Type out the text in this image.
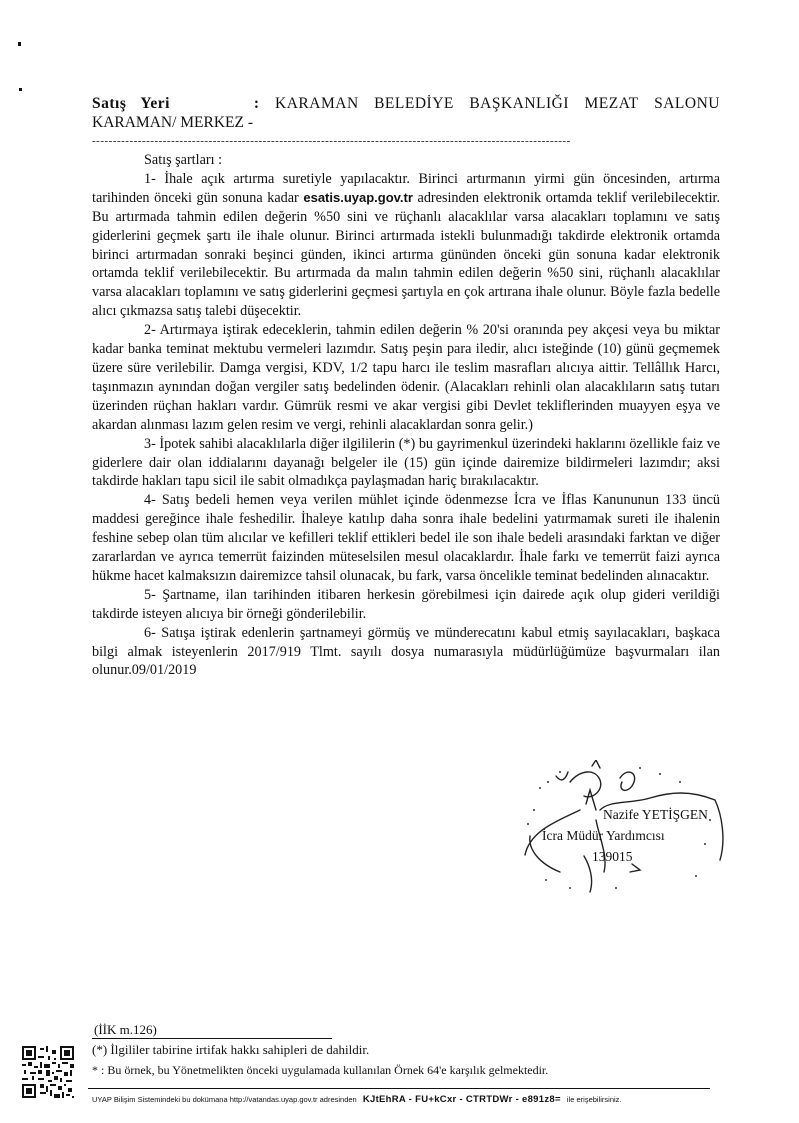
Satış Yeri	: KARAMAN BELEDİYE BAŞKANLIĞI MEZAT SALONU
KARAMAN/ MERKEZ -
-------------------------------------------------------------------------------------------------------------------

Satış şartları :

1- İhale açık artırma suretiyle yapılacaktır. Birinci artırmanın yirmi gün öncesinden, artırma tarihinden önceki gün sonuna kadar esatis.uyap.gov.tr adresinden elektronik ortamda teklif verilebilecektir. Bu artırmada tahmin edilen değerin %50 sini ve rüçhanlı alacaklılar varsa alacakları toplamını ve satış giderlerini geçmek şartı ile ihale olunur. Birinci artırmada istekli bulunmadığı takdirde elektronik ortamda birinci artırmadan sonraki beşinci günden, ikinci artırma gününden önceki gün sonuna kadar elektronik ortamda teklif verilebilecektir. Bu artırmada da malın tahmin edilen değerin %50 sini, rüçhanlı alacaklılar varsa alacakları toplamını ve satış giderlerini geçmesi şartıyla en çok artırana ihale olunur. Böyle fazla bedelle alıcı çıkmazsa satış talebi düşecektir.

2- Artırmaya iştirak edeceklerin, tahmin edilen değerin % 20'si oranında pey akçesi veya bu miktar kadar banka teminat mektubu vermeleri lazımdır. Satış peşin para iledir, alıcı isteğinde (10) günü geçmemek üzere süre verilebilir. Damga vergisi, KDV, 1/2 tapu harcı ile teslim masrafları alıcıya aittir. Tellâllık Harcı, taşınmazın aynından doğan vergiler satış bedelinden ödenir. (Alacakları rehinli olan alacaklıların satış tutarı üzerinden rüçhan hakları vardır. Gümrük resmi ve akar vergisi gibi Devlet tekliflerinden muayyen eşya ve akardan alınması lazım gelen resim ve vergi, rehinli alacaklardan sonra gelir.)

3- İpotek sahibi alacaklılarla diğer ilgililerin (*) bu gayrimenkul üzerindeki haklarını özellikle faiz ve giderlere dair olan iddialarını dayanağı belgeler ile (15) gün içinde dairemize bildirmeleri lazımdır; aksi takdirde hakları tapu sicil ile sabit olmadıkça paylaşmadan hariç bırakılacaktır.

4- Satış bedeli hemen veya verilen mühlet içinde ödenmezse İcra ve İflas Kanununun 133 üncü maddesi gereğince ihale feshedilir. İhaleye katılıp daha sonra ihale bedelini yatırmamak sureti ile ihalenin feshine sebep olan tüm alıcılar ve kefilleri teklif ettikleri bedel ile son ihale bedeli arasındaki farktan ve diğer zararlardan ve ayrıca temerrüt faizinden müteselsilen mesul olacaklardır. İhale farkı ve temerrüt faizi ayrıca hükme hacet kalmaksızın dairemizce tahsil olunacak, bu fark, varsa öncelikle teminat bedelinden alınacaktır.

5- Şartname, ilan tarihinden itibaren herkesin görebilmesi için dairede açık olup gideri verildiği takdirde isteyen alıcıya bir örneği gönderilebilir.

6- Satışa iştirak edenlerin şartnameyi görmüş ve münderecatını kabul etmiş sayılacakları, başkaca bilgi almak isteyenlerin 2017/919 Tlmt. sayılı dosya numarasıyla müdürlüğümüze başvurmaları ilan olunur.09/01/2019

Nazife YETİŞGEN
İcra Müdür Yardımcısı
139015
(İİK m.126)
(*) İlgililer tabirine irtifak hakkı sahipleri de dahildir.
* : Bu örnek, bu Yönetmelikten önceki uygulamada kullanılan Örnek 64'e karşılık gelmektedir.
UYAP Bilişim Sistemindeki bu dokümana http://vatandas.uyap.gov.tr adresinden KJtEhRA - FU+kCxr - CTRTDWr - e891z8= ile erişebilirsiniz.
